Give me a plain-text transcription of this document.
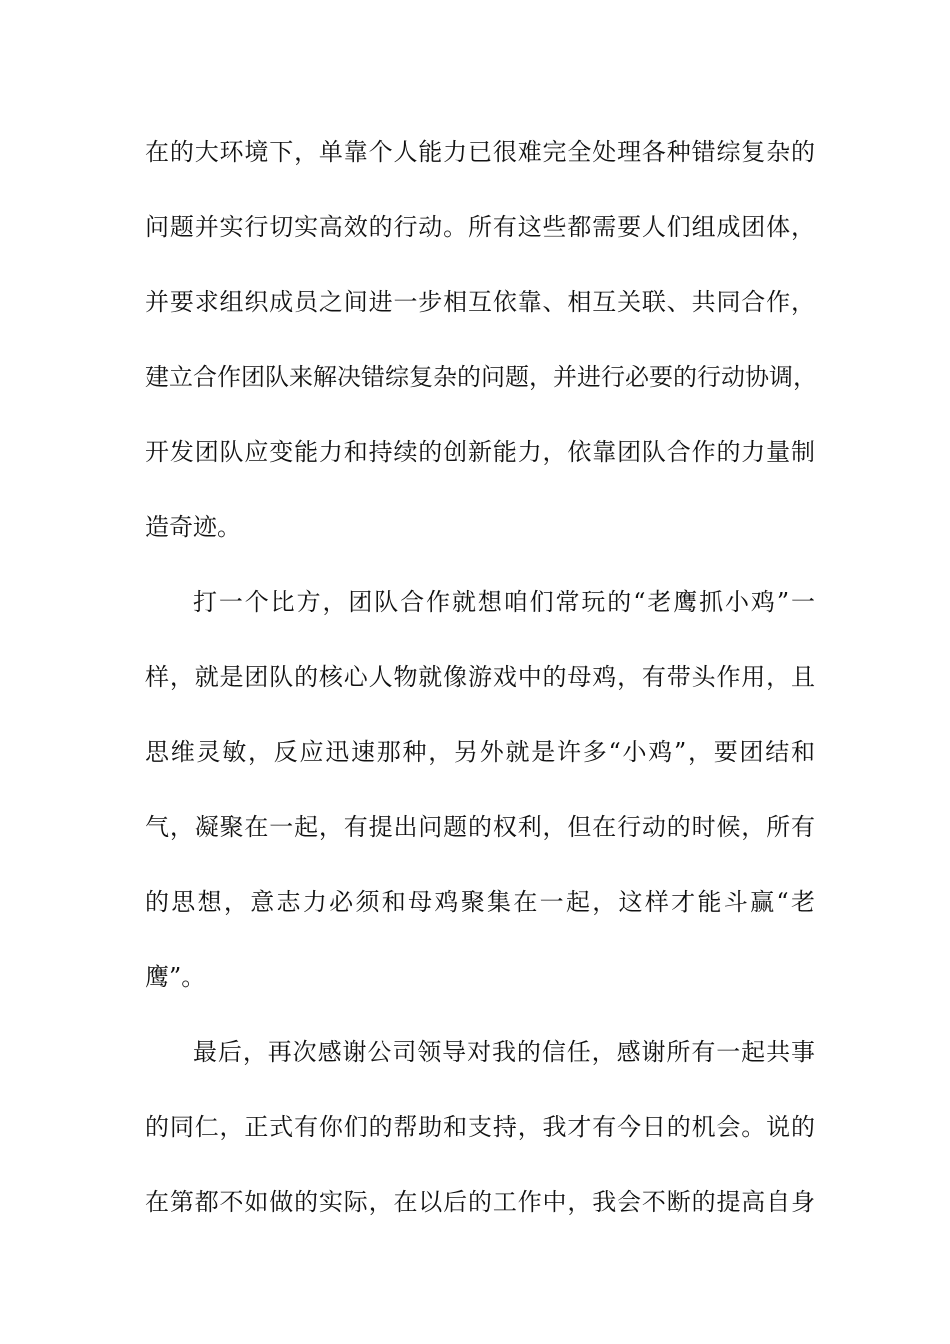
在的大环境下，单靠个人能力已很难完全处理各种错综复杂的
问题并实行切实高效的行动。所有这些都需要人们组成团体，
并要求组织成员之间进一步相互依靠、相互关联、共同合作，
建立合作团队来解决错综复杂的问题，并进行必要的行动协调，
开发团队应变能力和持续的创新能力，依靠团队合作的力量制
造奇迹。
打一个比方，团队合作就想咱们常玩的“老鹰抓小鸡”一
样，就是团队的核心人物就像游戏中的母鸡，有带头作用，且
思维灵敏，反应迅速那种，另外就是许多“小鸡”，要团结和
气，凝聚在一起，有提出问题的权利，但在行动的时候，所有
的思想，意志力必须和母鸡聚集在一起，这样才能斗赢“老
鹰”。
最后，再次感谢公司领导对我的信任，感谢所有一起共事
的同仁，正式有你们的帮助和支持，我才有今日的机会。说的
在第都不如做的实际，在以后的工作中，我会不断的提高自身
